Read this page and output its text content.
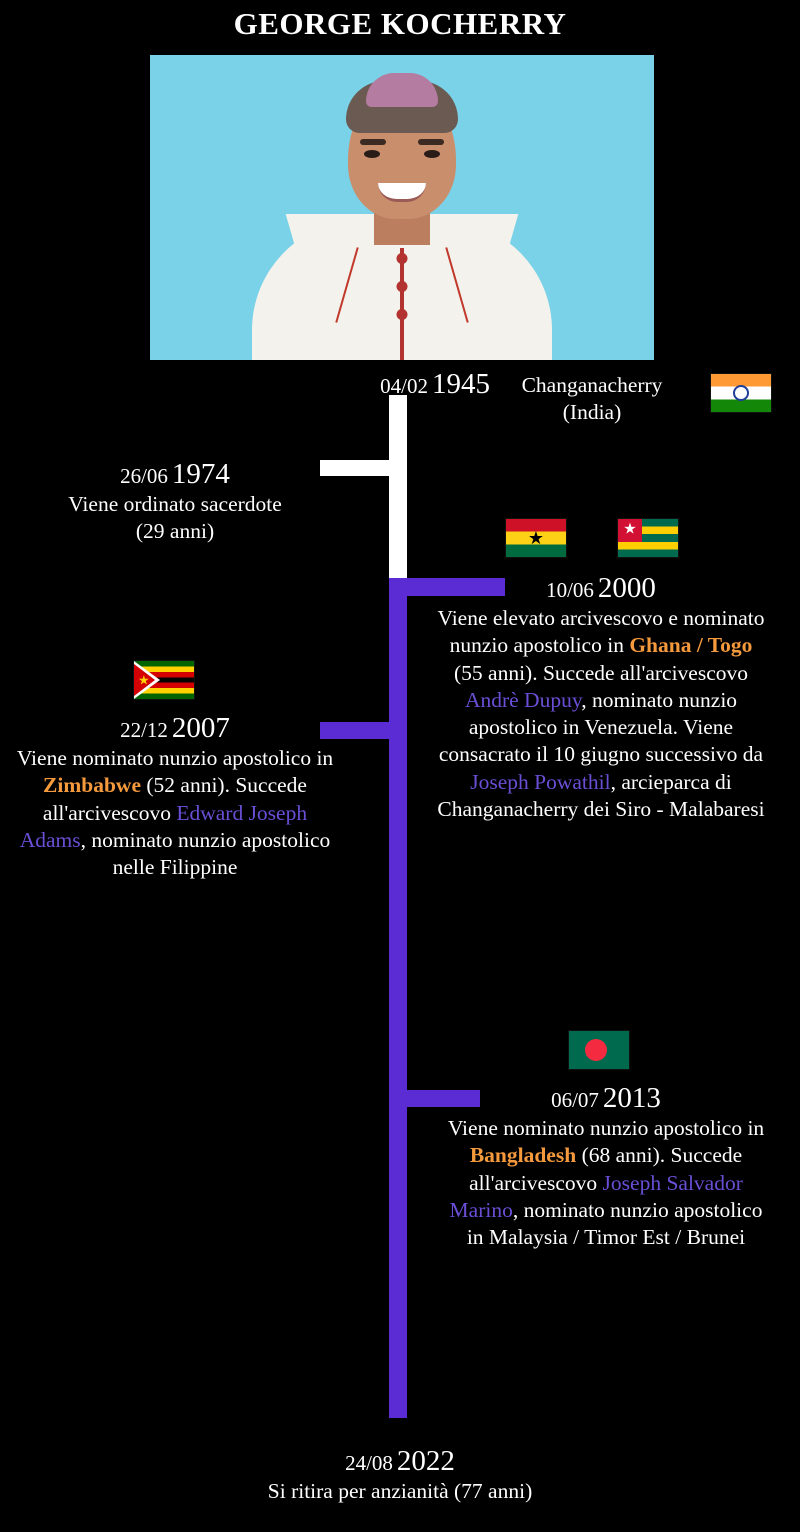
GEORGE KOCHERRY
04/02 1945	Changanacherry
(India)
26/06 1974
Viene ordinato sacerdote
(29 anni)	★	★
10/06 2000
Viene elevato arcivescovo e nominato nunzio apostolico in Ghana / Togo (55 anni). Succede all'arcivescovo Andrè Dupuy, nominato nunzio apostolico in Venezuela. Viene consacrato il 10 giugno successivo da Joseph Powathil, arcieparca di Changanacherry dei Siro - Malabaresi
★
22/12 2007
Viene nominato nunzio apostolico in Zimbabwe (52 anni). Succede all'arcivescovo Edward Joseph Adams, nominato nunzio apostolico nelle Filippine
06/07 2013
Viene nominato nunzio apostolico in Bangladesh (68 anni). Succede all'arcivescovo Joseph Salvador Marino, nominato nunzio apostolico in Malaysia / Timor Est / Brunei
24/08 2022
Si ritira per anzianità (77 anni)
